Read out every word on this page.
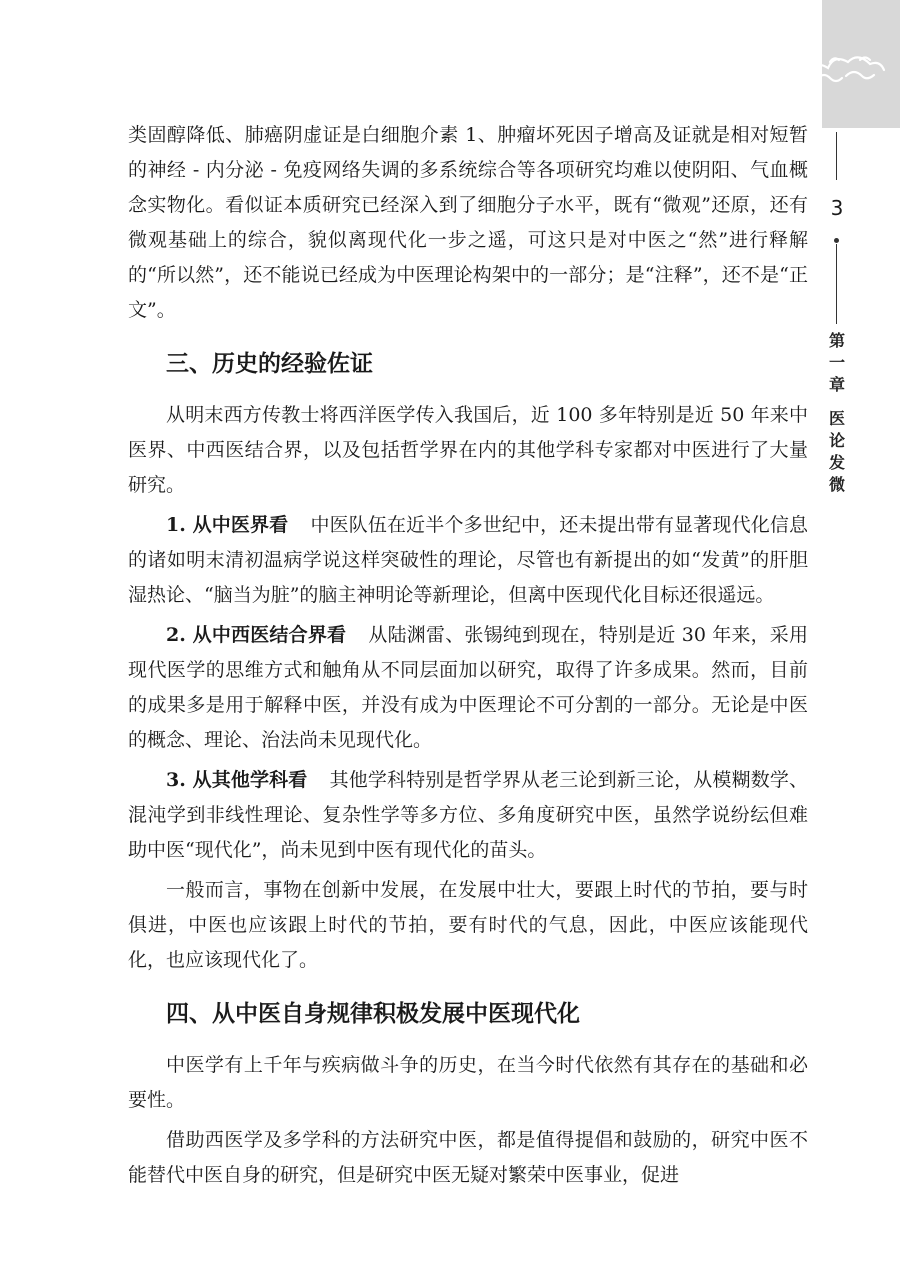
3
第一章
医论发微

类固醇降低、肺癌阴虚证是白细胞介素 1、肿瘤坏死因子增高及证就是相对短暂的神经 - 内分泌 - 免疫网络失调的多系统综合等各项研究均难以使阴阳、气血概念实物化。看似证本质研究已经深入到了细胞分子水平，既有“微观”还原，还有微观基础上的综合，貌似离现代化一步之遥，可这只是对中医之“然”进行释解的“所以然”，还不能说已经成为中医理论构架中的一部分；是“注释”，还不是“正文”。

三、历史的经验佐证

从明末西方传教士将西洋医学传入我国后，近 100 多年特别是近 50 年来中医界、中西医结合界，以及包括哲学界在内的其他学科专家都对中医进行了大量研究。

1. 从中医界看 中医队伍在近半个多世纪中，还未提出带有显著现代化信息的诸如明末清初温病学说这样突破性的理论，尽管也有新提出的如“发黄”的肝胆湿热论、“脑当为脏”的脑主神明论等新理论，但离中医现代化目标还很遥远。

2. 从中西医结合界看 从陆渊雷、张锡纯到现在，特别是近 30 年来，采用现代医学的思维方式和触角从不同层面加以研究，取得了许多成果。然而，目前的成果多是用于解释中医，并没有成为中医理论不可分割的一部分。无论是中医的概念、理论、治法尚未见现代化。

3. 从其他学科看 其他学科特别是哲学界从老三论到新三论，从模糊数学、混沌学到非线性理论、复杂性学等多方位、多角度研究中医，虽然学说纷纭但难助中医“现代化”，尚未见到中医有现代化的苗头。

一般而言，事物在创新中发展，在发展中壮大，要跟上时代的节拍，要与时俱进，中医也应该跟上时代的节拍，要有时代的气息，因此，中医应该能现代化，也应该现代化了。

四、从中医自身规律积极发展中医现代化

中医学有上千年与疾病做斗争的历史，在当今时代依然有其存在的基础和必要性。

借助西医学及多学科的方法研究中医，都是值得提倡和鼓励的，研究中医不能替代中医自身的研究，但是研究中医无疑对繁荣中医事业，促进
